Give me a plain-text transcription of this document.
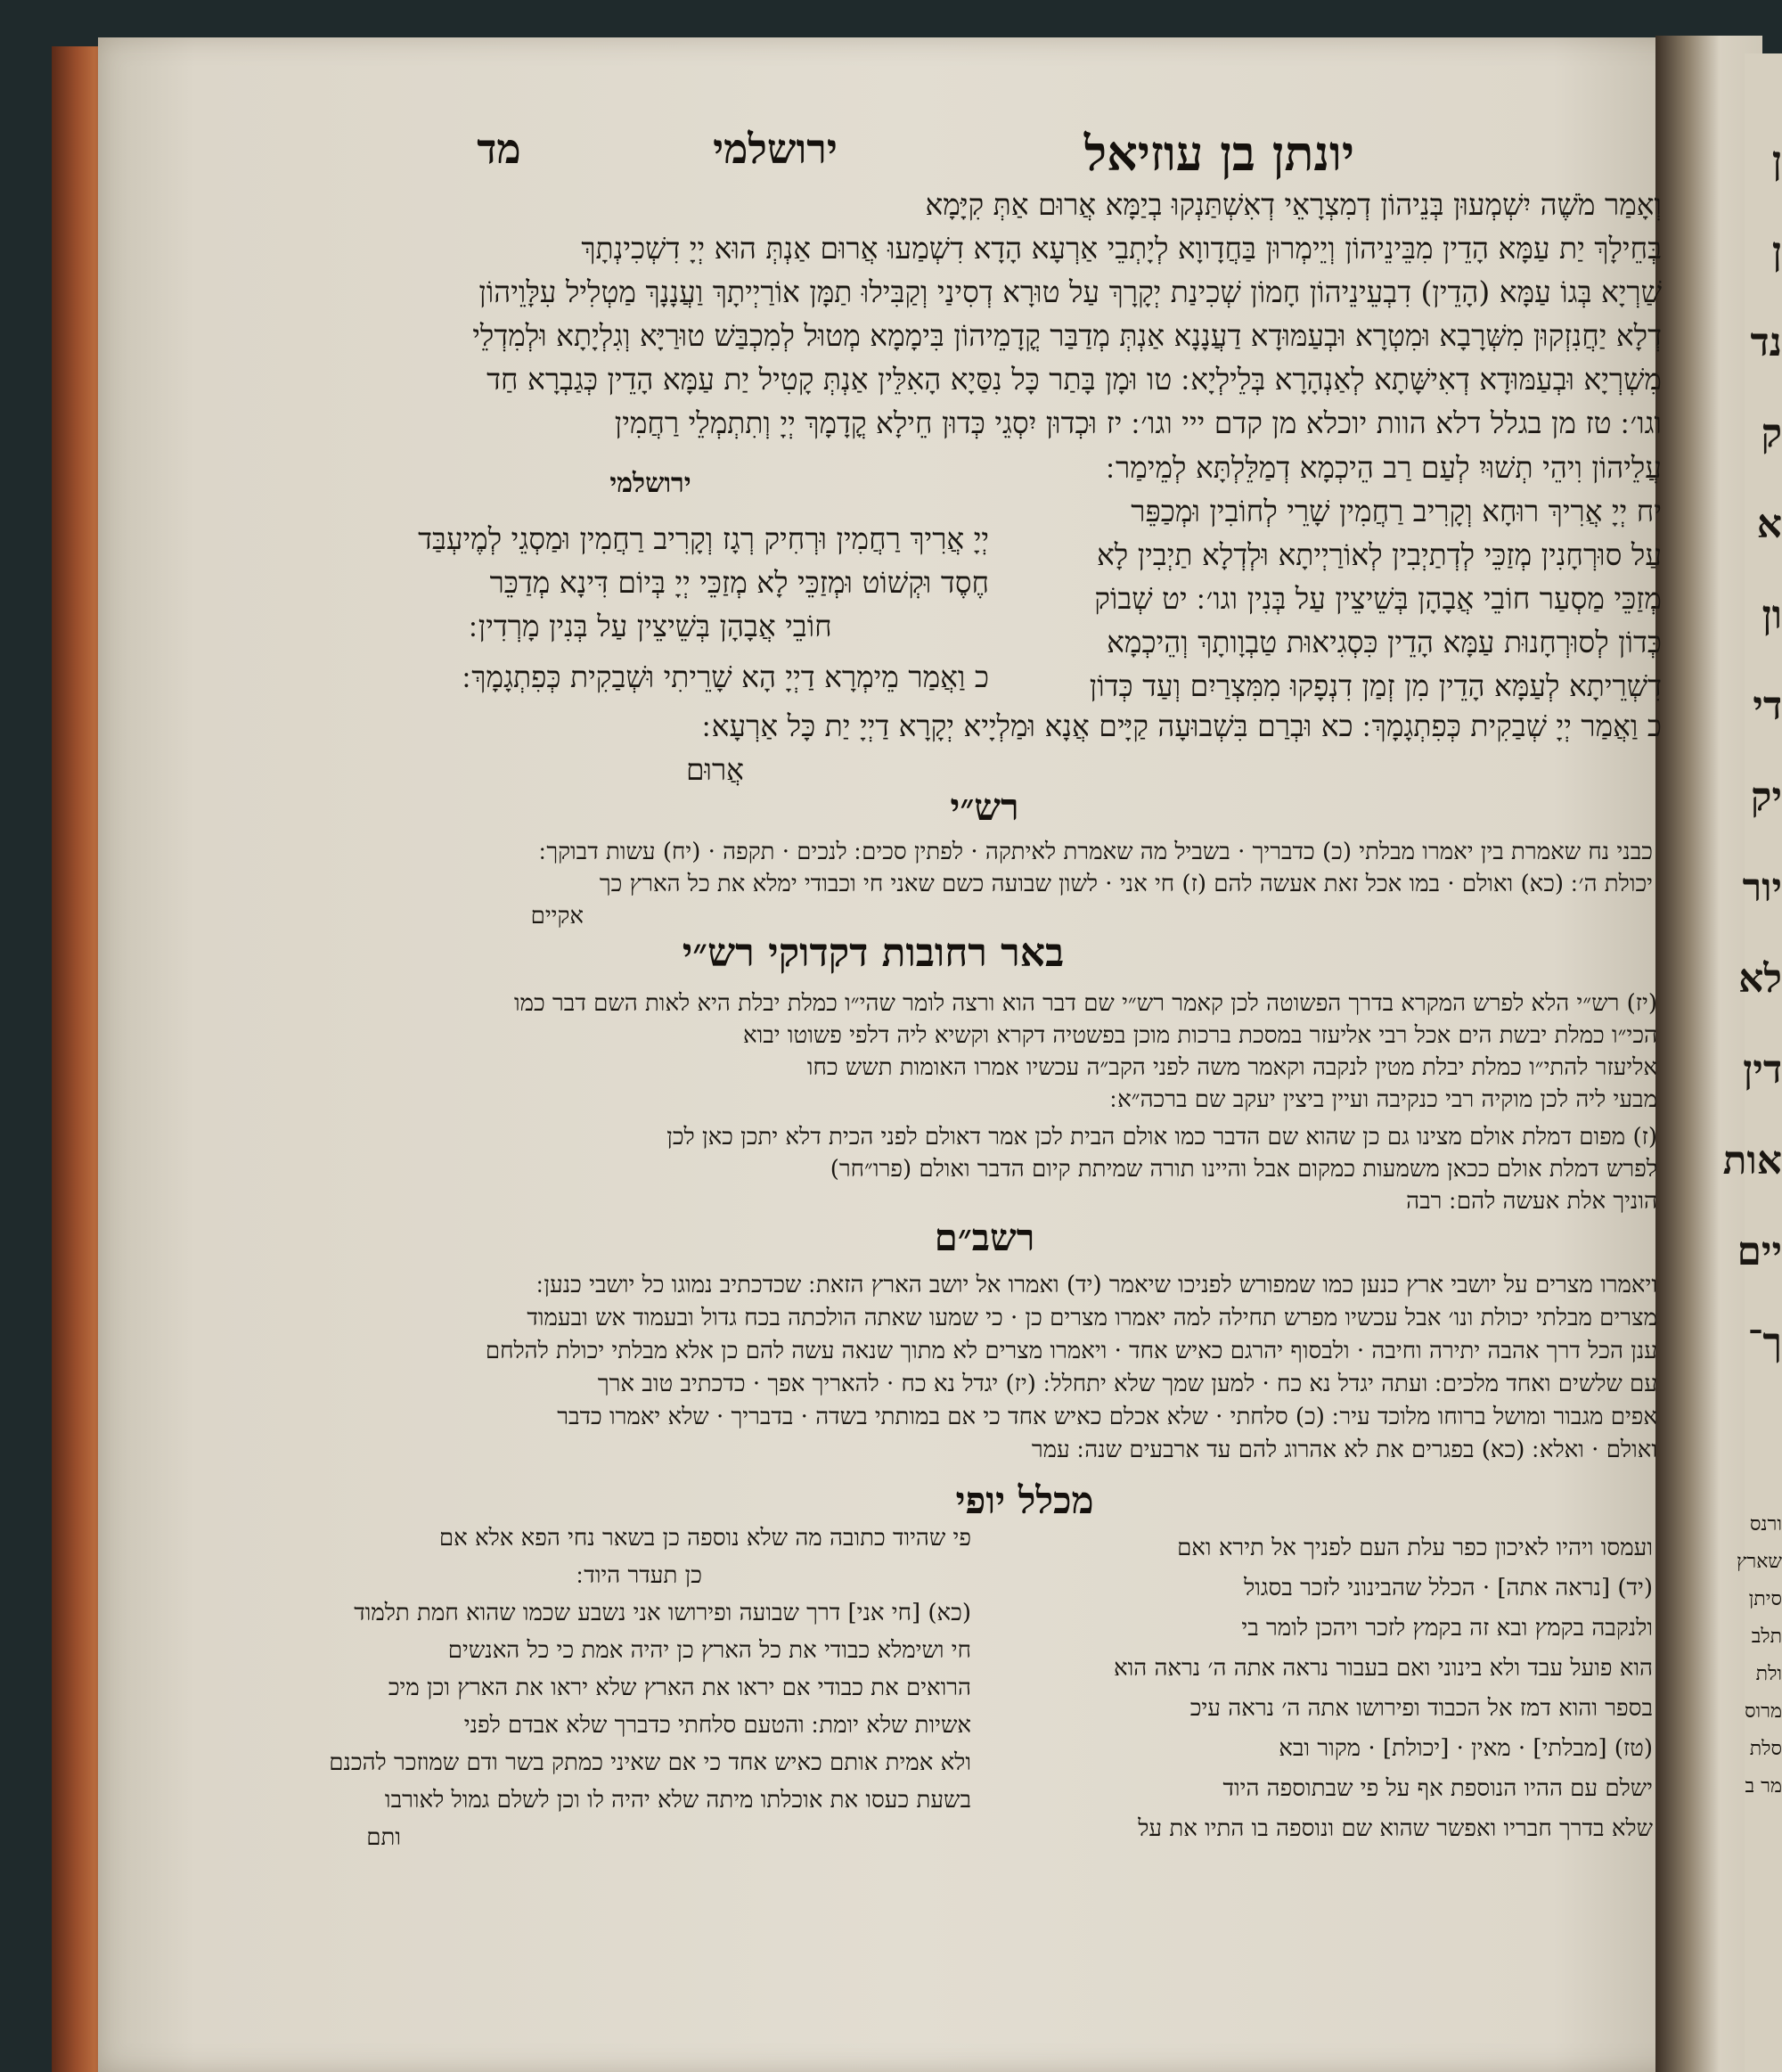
יונתן בן עוזיאל
ירושלמי
מד

וְאָמַר מֹשֶׁה יִשְׁמְעוּן בְּנֵיהוֹן דְמִצְרָאֵי דְאִשְׁתַּנְקוּ בְיַמָּא אֲרוּם אַתְּ קִיָּמָא

בְּחֵילָךְ יַת עַמָּא הָדֵין מִבֵּינֵיהוֹן וְיֵימְרוּן בַּחֲדָווָא לְיָתְבֵי אַרְעָא הָדָא דִשְׁמַעוּ אֲרוּם אַנְתְּ הוּא יְיָ דִשְׁכִינְתָךְ

שַׁרְיָא בְּגוֹ עַמָּא (הָדֵין) דִבְעֵינֵיהוֹן חָמוֹן שְׁכִינַת יְקָרָךְ עַל טוּרָא דְסִינַי וְקַבִּילוּ תַמָּן אוֹרַיְיתָךְ וַעֲנָנָךְ מַטְלִיל עִלָּוֵיהוֹן

דְלָא יַחֲנִזְקוּן מִשְּׁרָבָא וּמִטְרָא וּבְעַמּוּדָא דַעֲנָנָא אַנְתְּ מְדַבַּר קֳדָמֵיהוֹן בִּימָמָא מְטוּל לְמִכְבַּשׁ טוּרַיָּא וְגִלְיָתָא וּלְמִדְלֵי

מִשְׁרְיָא וּבְעַמּוּדָא דְאִישָּׁתָא לְאַנְהָרָא בְּלֵילְיָא ׃ טו וּמָן בָּתַר כָּל נִסַּיָא הָאִלֵּין אַנְתְּ קָטִיל יַת עַמָּא הָדֵין כְּגַבְרָא חַד

וגו׳ ׃ טז מן בגלל דלא הוות יוכלא מן קדם ייי וגו׳ ׃ יז וּכְדוּן יִסְגֵי כְּדוּן חֵילָא קֳדָמָךְ יְיָ וְתִתְמְלֵי רַחֲמִין

עֲלֵיהוֹן וִיהֵי תְשׁוּיִ לְעַם רַב הֵיכְמָא דְמַלֵּלְתָּא לְמֵימַר ׃

יח יְיָ אֲרִיךְ רוּחָא וְקָרִיב רַחֲמִין שָׁרֵי לְחוֹבִין וּמְכַפֵּר

עַל סוּרְחָנִין מְזַכֵּי לְדְתַיְבִין לְאוֹרַיְיתָא וּלְדְלָא תַיְבִין לָא

מְזַכֵּי מַסְעַר חוֹבֵי אֲבָהָן בְּשֵׁיצֵין עַל בְּנִין וגו׳ ׃ יט שְׁבוֹק

כְּדוֹן לְסוּרְחָנוּת עַמָּא הָדֵין כִּסְגִיאוּת טַבְוָותָךְ וְהֵיכְמָא

דִשְׁרֵיתָא לְעַמָּא הָדֵין מִן זְמַן דִנְפָקוּ מִמִּצְרַיִם וְעַד כְּדוֹן

כ וַאֲמַר יְיָ שְׁבַקִית כְּפִתְגָמָךְ ׃ כא וּבְרַם בִּשְׁבוּעָה קַיָּים אֲנָא וּמַלְיָיא יְקָרָא דַיְיָ יַת כָּל אַרְעָא ׃

אֲרוּם

ירושלמי

יְיָ אֲרִיךְ רַחֲמִין וּרְחִיק רְגָז וְקָרִיב רַחֲמִין וּמַסְגֵי לְמֶיעְבַּד

חֶסֶד וּקְשׁוֹט וּמְזַכֵּי לָא מְזַכֵּי יְיָ בְּיוֹם דִּינָא מְדַכֵּר

חוֹבֵי אֲבָהָן בְּשֵׁיצֵין עַל בְּנִין מָרְדִין ׃

כ וַאֲמַר מֵימְרָא דַיְיָ הָא שָׁרֵיתִי וּשְׁבַקִית כְּפִתְגָמָךְ ׃

רש״י

כבני נח שאמרת בין יאמרו מבלתי (כ) כדבריך · בשביל מה שאמרת לאיתקה · לפתין סכים ׃ לנכים · תקפה · (יח) עשות דבוקך ׃

יכולת ה׳ ׃ (כא) ואולם · במו אכל זאת אעשה להם (ז) חי אני · לשון שבועה כשם שאני חי וכבודי ימלא את כל הארץ כך

אקיים

באר רחובות דקדוקי רש״י

(יז) רש״י הלא לפרש המקרא בדרך הפשוטה לכן קאמר רש״י שם דבר הוא ורצה לומר שהי״ו כמלת יבלת היא לאות השם דבר כמו

הכי״ו כמלת יבשת הים אכל רבי אליעזר במסכת ברכות מוכן בפשטיה דקרא וקשיא ליה דלפי פשוטו יבוא

אליעזר להתי״ו כמלת יבלת מטין לנקבה וקאמר משה לפני הקב״ה עכשיו אמרו האומות תשש כחו

מבעי ליה לכן מוקיה רבי כנקיבה ועיין ביצין יעקב שם ברכה״א ׃

(ז) מפום דמלת אולם מצינו גם כן שהוא שם הדבר כמו אולם הבית לכן אמר דאולם לפני הכית דלא יתכן כאן לכן

לפרש דמלת אולם ככאן משמעות כמקום אבל והיינו תורה שמיתת קיום הדבר ואולם (פרו״חר)

הוניך אלת אעשה להם ׃ רבה

רשב״ם

ויאמרו מצרים על יושבי ארץ כנען כמו שמפורש לפניכו שיאמר (יד) ואמרו אל יושב הארץ הזאת ׃ שכדכתיב נמוגו כל יושבי כנען ׃

מצרים מבלתי יכולת ונו׳ אבל עכשיו מפרש תחילה למה יאמרו מצרים כן · כי שמעו שאתה הולכתה בכח גדול ובעמוד אש ובעמוד

ענן הכל דרך אהבה יתירה וחיבה · ולבסוף יהרגם כאיש אחד · ויאמרו מצרים לא מתוך שנאה עשה להם כן אלא מבלתי יכולת להלחם

עם שלשים ואחד מלכים ׃ ועתה יגדל נא כח · למען שמך שלא יתחלל ׃ (יז) יגדל נא כח · להאריך אפך · כדכתיב טוב ארך

אפים מגבור ומושל ברוחו מלוכד עיר ׃ (כ) סלחתי · שלא אכלם כאיש אחד כי אם במותתי בשדה · בדבריך · שלא יאמרו כדבר

ואולם · ואלא ׃ (כא) בפגרים את לא אהרוג להם עד ארבעים שנה ׃ עמר

מכלל יופי

ועמסו ויהיו לאיכון כפר עלת העם לפניך אל תירא ואם

(יד) [נראה אתה] · הכלל שהבינוני לזכר בסגול

ולנקבה בקמץ ובא זה בקמץ לזכר ויהכן לומר בי

הוא פועל עבד ולא בינוני ואם בעבור נראה אתה ה׳ נראה הוא

בספר והוא דמז אל הכבוד ופירושו אתה ה׳ נראה עיכ

(טז) [מבלתי] · מאין · [יכולת] · מקור ובא

ישלם עם ההיו הנוספת אף על פי שבתוספה היוד

שלא בדרך חבריו ואפשר שהוא שם ונוספה בו התיו את על

פי שהיוד כתובה מה שלא נוספה כן בשאר נחי הפא אלא אם

כן תעדר היוד ׃

(כא) [חי אני] דרך שבועה ופירושו אני נשבע שכמו שהוא חמת תלמוד

חי ושימלא כבודי את כל הארץ כן יהיה אמת כי כל האנשים

הרואים את כבודי אם יראו את הארץ שלא יראו את הארץ וכן מיכ

אשיות שלא יומת ׃ והטעם סלחתי כדברך שלא אבדם לפני

ולא אמית אותם כאיש אחד כי אם שאיני כמתק בשר ודם שמוזכר להכנם

בשעת כעסו את אוכלתו מיתה שלא יהיה לו וכן לשלם גמול לאורבו

ותם

ן
ן
נד
ק
א
ון
די
יק
יור
לא
דין
אות
יים
ך־
ורנס
שארץ
סיתן
תלב
ולת
מרוס
סלת
מר ב
